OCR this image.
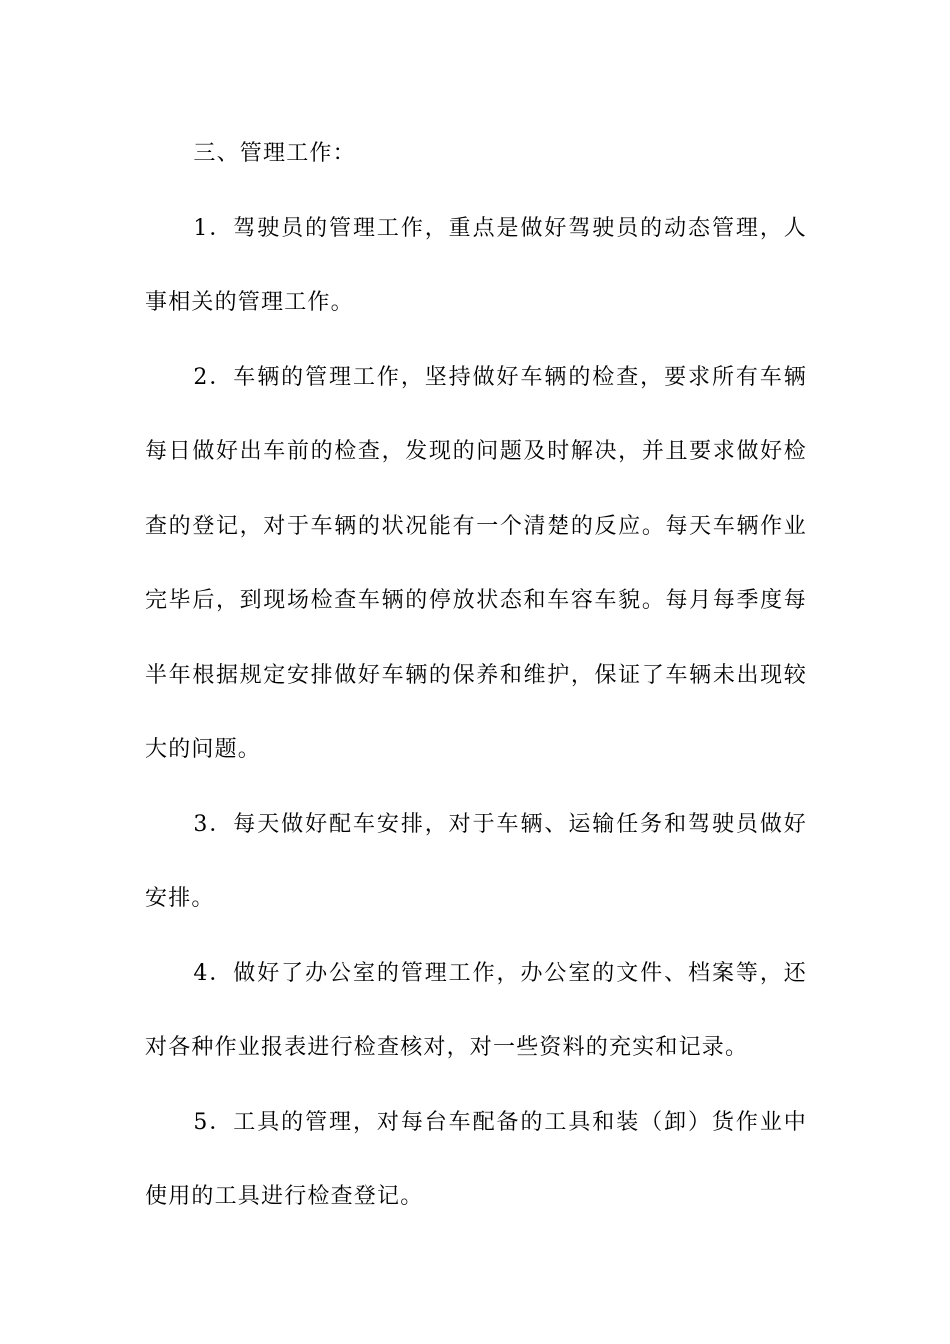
三、管理工作：

1．驾驶员的管理工作，重点是做好驾驶员的动态管理，人事相关的管理工作。

2．车辆的管理工作，坚持做好车辆的检查，要求所有车辆每日做好出车前的检查，发现的问题及时解决，并且要求做好检查的登记，对于车辆的状况能有一个清楚的反应。每天车辆作业完毕后，到现场检查车辆的停放状态和车容车貌。每月每季度每半年根据规定安排做好车辆的保养和维护，保证了车辆未出现较大的问题。

3．每天做好配车安排，对于车辆、运输任务和驾驶员做好安排。

4．做好了办公室的管理工作，办公室的文件、档案等，还对各种作业报表进行检查核对，对一些资料的充实和记录。

5．工具的管理，对每台车配备的工具和装（卸）货作业中使用的工具进行检查登记。
